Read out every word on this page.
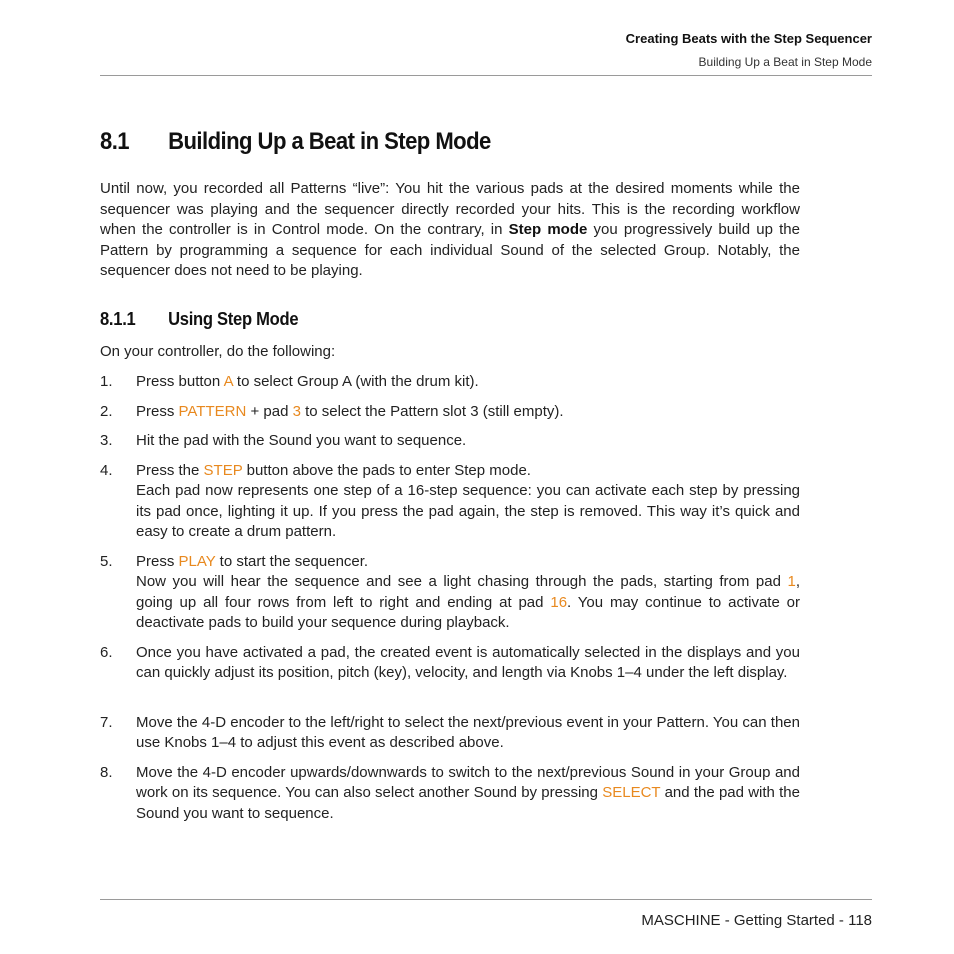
Creating Beats with the Step Sequencer
Building Up a Beat in Step Mode
8.1 Building Up a Beat in Step Mode
Until now, you recorded all Patterns “live”: You hit the various pads at the desired moments while the sequencer was playing and the sequencer directly recorded your hits. This is the recording workflow when the controller is in Control mode. On the contrary, in Step mode you progressively build up the Pattern by programming a sequence for each individual Sound of the selected Group. Notably, the sequencer does not need to be playing.
8.1.1 Using Step Mode
On your controller, do the following:
1. Press button A to select Group A (with the drum kit).
2. Press PATTERN + pad 3 to select the Pattern slot 3 (still empty).
3. Hit the pad with the Sound you want to sequence.
4. Press the STEP button above the pads to enter Step mode.
Each pad now represents one step of a 16-step sequence: you can activate each step by pressing its pad once, lighting it up. If you press the pad again, the step is removed. This way it’s quick and easy to create a drum pattern.
5. Press PLAY to start the sequencer.
Now you will hear the sequence and see a light chasing through the pads, starting from pad 1, going up all four rows from left to right and ending at pad 16. You may continue to activate or deactivate pads to build your sequence during playback.
6. Once you have activated a pad, the created event is automatically selected in the displays and you can quickly adjust its position, pitch (key), velocity, and length via Knobs 1–4 under the left display.
7. Move the 4-D encoder to the left/right to select the next/previous event in your Pattern. You can then use Knobs 1–4 to adjust this event as described above.
8. Move the 4-D encoder upwards/downwards to switch to the next/previous Sound in your Group and work on its sequence. You can also select another Sound by pressing SELECT and the pad with the Sound you want to sequence.
MASCHINE - Getting Started - 118
